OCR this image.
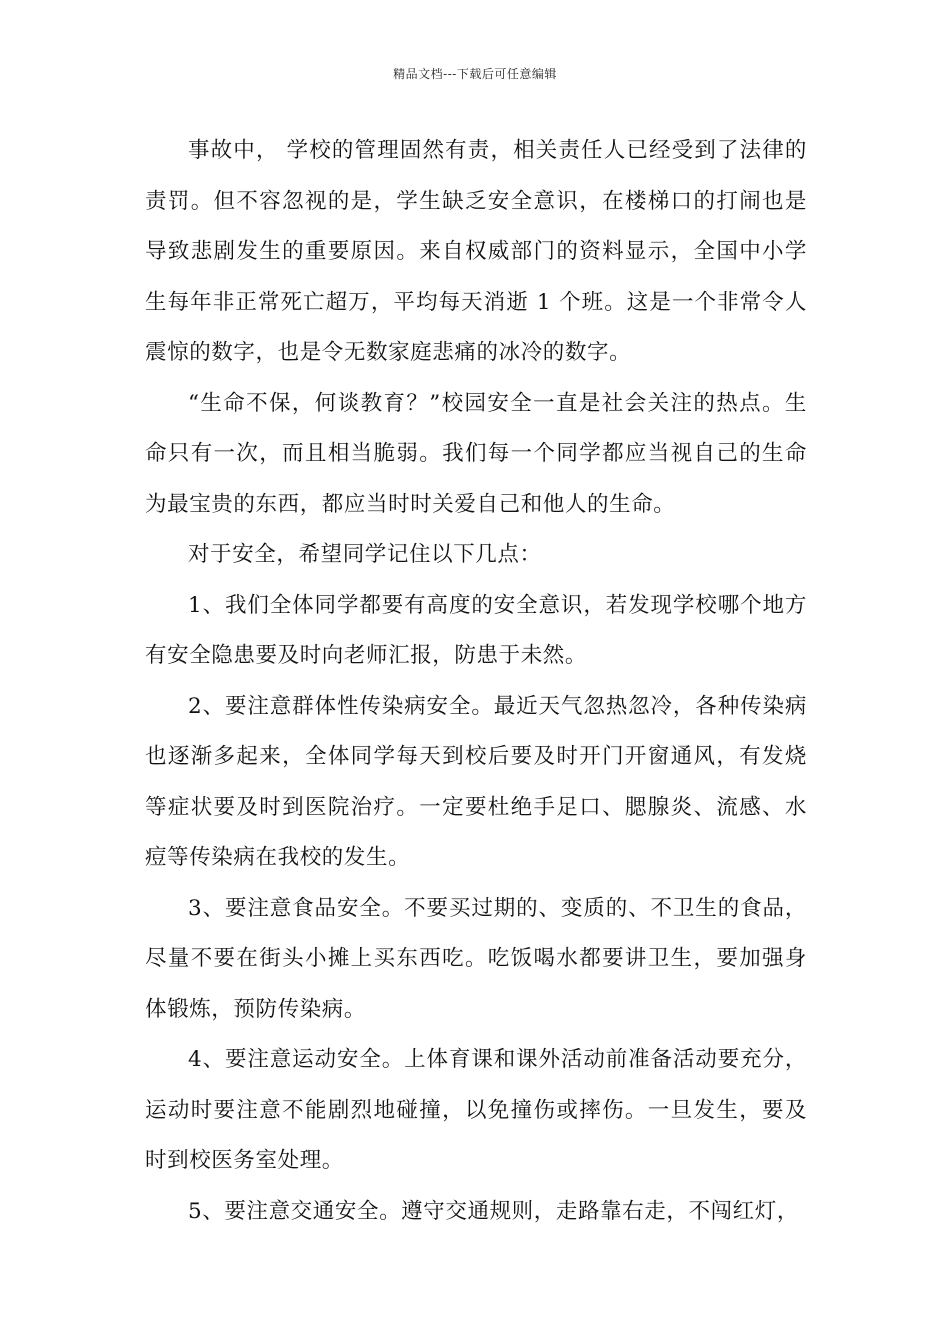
精品文档---下载后可任意编辑

事故中， 学校的管理固然有责，相关责任人已经受到了法律的责罚。但不容忽视的是，学生缺乏安全意识，在楼梯口的打闹也是导致悲剧发生的重要原因。来自权威部门的资料显示，全国中小学生每年非正常死亡超万，平均每天消逝 1 个班。这是一个非常令人震惊的数字，也是令无数家庭悲痛的冰冷的数字。

“生命不保，何谈教育？”校园安全一直是社会关注的热点。生命只有一次，而且相当脆弱。我们每一个同学都应当视自己的生命为最宝贵的东西，都应当时时关爱自己和他人的生命。

对于安全，希望同学记住以下几点：

1、我们全体同学都要有高度的安全意识，若发现学校哪个地方有安全隐患要及时向老师汇报，防患于未然。

2、要注意群体性传染病安全。最近天气忽热忽冷，各种传染病也逐渐多起来，全体同学每天到校后要及时开门开窗通风，有发烧等症状要及时到医院治疗。一定要杜绝手足口、腮腺炎、流感、水痘等传染病在我校的发生。

3、要注意食品安全。不要买过期的、变质的、不卫生的食品，尽量不要在街头小摊上买东西吃。吃饭喝水都要讲卫生，要加强身体锻炼，预防传染病。

4、要注意运动安全。上体育课和课外活动前准备活动要充分，运动时要注意不能剧烈地碰撞，以免撞伤或摔伤。一旦发生，要及时到校医务室处理。

5、要注意交通安全。遵守交通规则，走路靠右走，不闯红灯，
